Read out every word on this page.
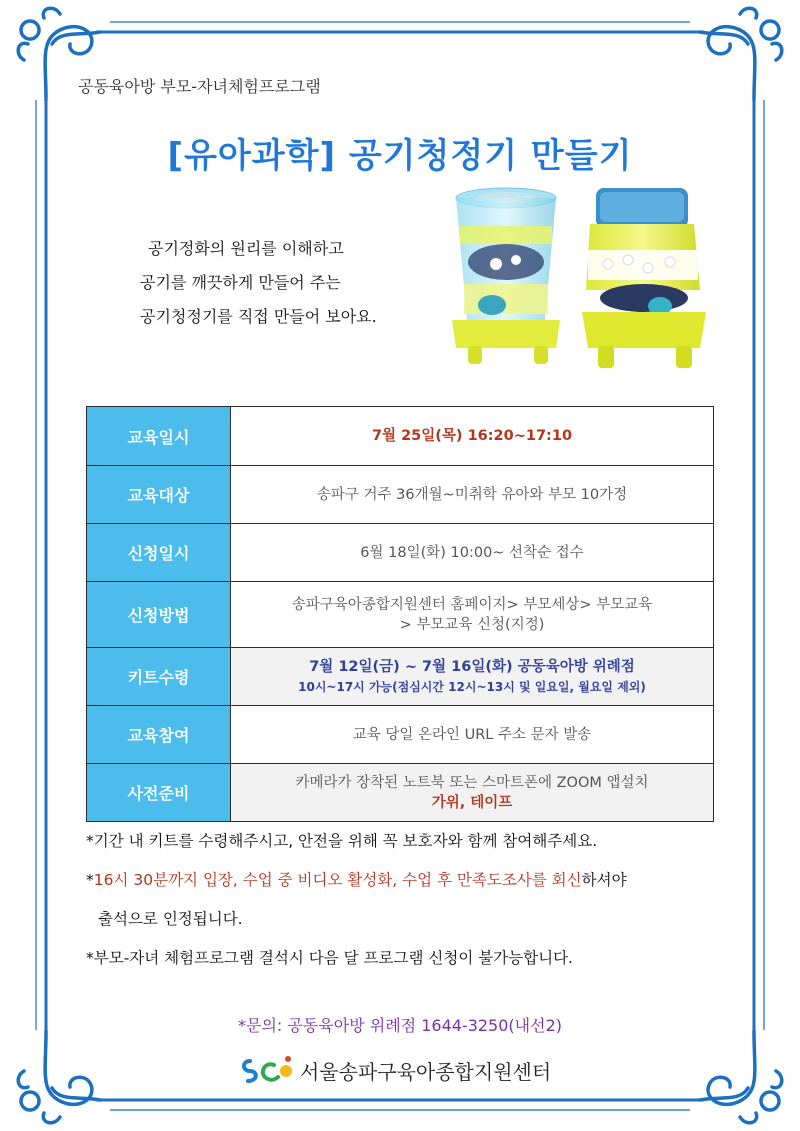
공동육아방 부모-자녀체험프로그램
[유아과학] 공기청정기 만들기
공기정화의 원리를 이해하고
공기를 깨끗하게 만들어 주는
공기청정기를 직접 만들어 보아요.
동해뱃사공교재
교육일시	7월 25일(목) 16:20~17:10
교육대상	송파구 거주 36개월~미취학 유아와 부모 10가정
신청일시	6월 18일(화) 10:00~ 선착순 접수
신청방법	송파구육아종합지원센터 홈페이지> 부모세상> 부모교육
> 부모교육 신청(지정)

키트수령	7월 12일(금) ~ 7월 16일(화) 공동육아방 위례점
10시~17시 가능(점심시간 12시~13시 및 일요일, 월요일 제외)

교육참여	교육 당일 온라인 URL 주소 문자 발송
사전준비	카메라가 장착된 노트북 또는 스마트폰에 ZOOM 앱설치
가위, 테이프
*기간 내 키트를 수령해주시고, 안전을 위해 꼭 보호자와 함께 참여해주세요.
*16시 30분까지 입장, 수업 중 비디오 활성화, 수업 후 만족도조사를 회신하셔야
출석으로 인정됩니다.
*부모-자녀 체험프로그램 결석시 다음 달 프로그램 신청이 불가능합니다.
*문의: 공동육아방 위례점 1644-3250(내선2)
서울송파구육아종합지원센터
